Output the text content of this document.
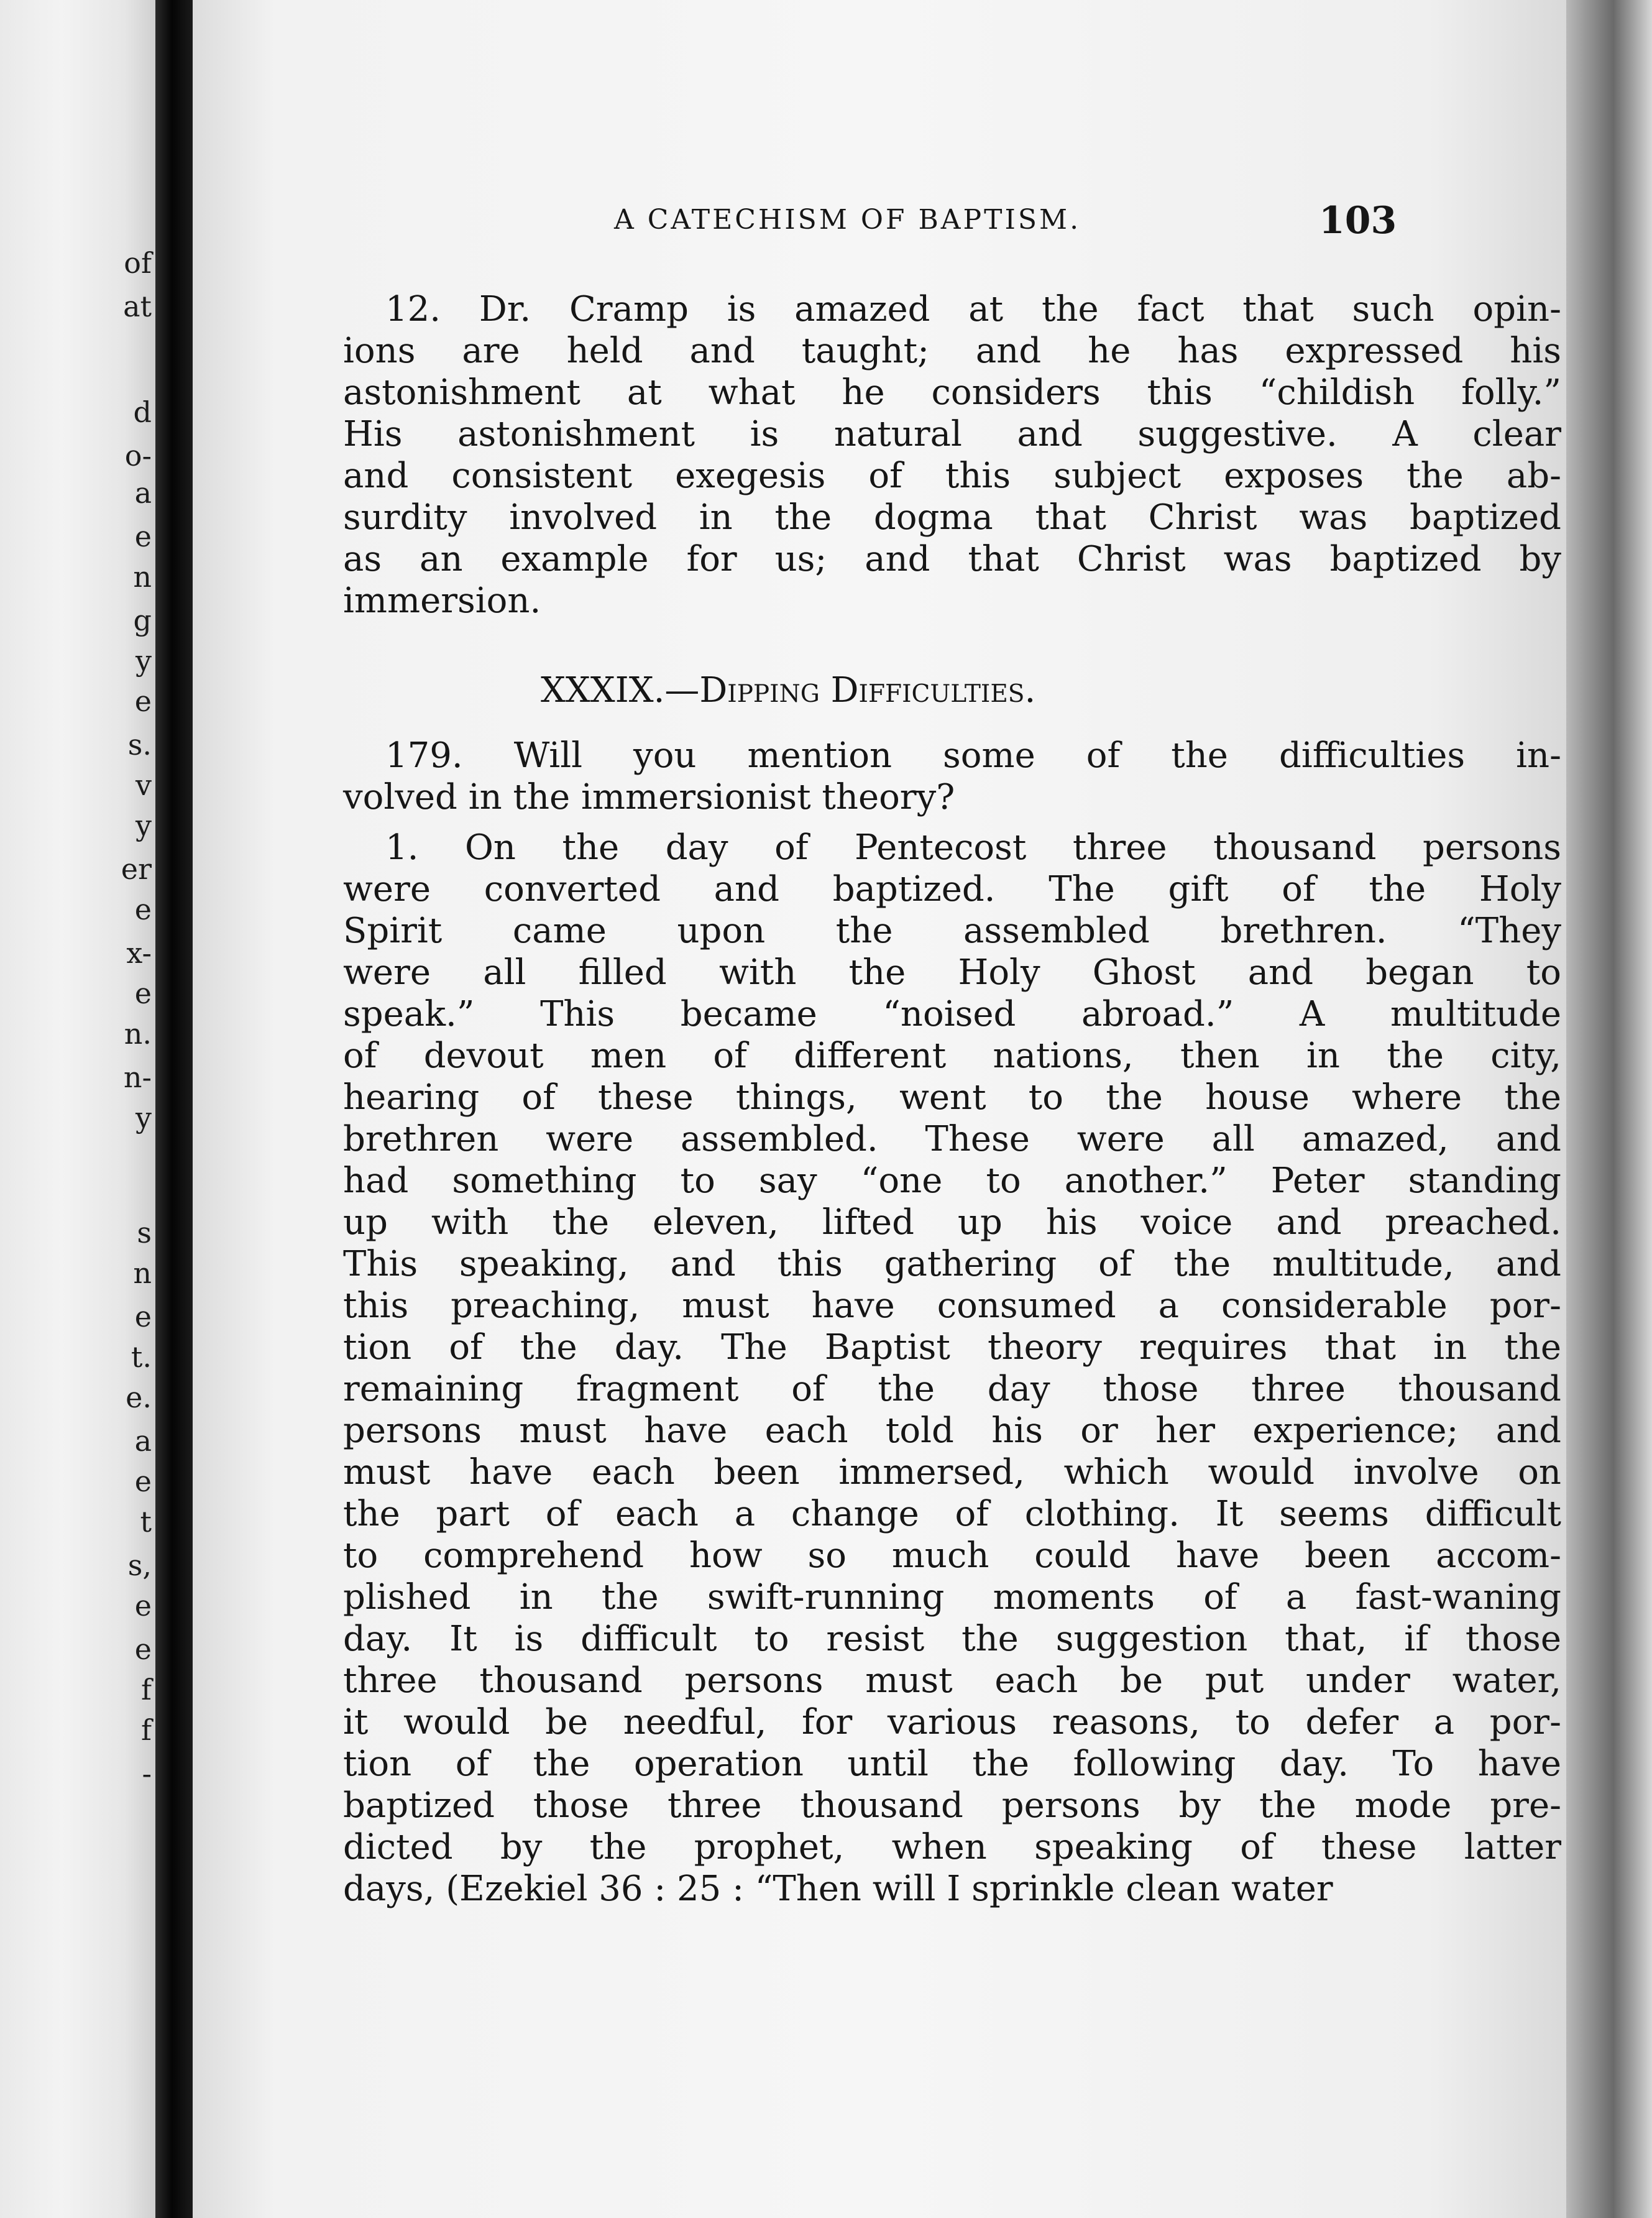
of
at
d
o-
a
e
n
g
y
e
s.
v
y
er
e
x-
e
n.
n-
y
s
n
e
t.
e.
a
e
t
s,
e
e
f
f
-
A CATECHISM OF BAPTISM.	103
12. Dr. Cramp is amazed at the fact that such opin-
ions are held and taught; and he has expressed his
astonishment at what he considers this “childish folly.”
His astonishment is natural and suggestive. A clear
and consistent exegesis of this subject exposes the ab-
surdity involved in the dogma that Christ was baptized
as an example for us; and that Christ was baptized by
immersion.
XXXIX.—Dipping Difficulties.
179. Will you mention some of the difficulties in-
volved in the immersionist theory?
1. On the day of Pentecost three thousand persons
were converted and baptized. The gift of the Holy
Spirit came upon the assembled brethren. “They
were all filled with the Holy Ghost and began to
speak.” This became “noised abroad.” A multitude
of devout men of different nations, then in the city,
hearing of these things, went to the house where the
brethren were assembled. These were all amazed, and
had something to say “one to another.” Peter standing
up with the eleven, lifted up his voice and preached.
This speaking, and this gathering of the multitude, and
this preaching, must have consumed a considerable por-
tion of the day. The Baptist theory requires that in the
remaining fragment of the day those three thousand
persons must have each told his or her experience; and
must have each been immersed, which would involve on
the part of each a change of clothing. It seems difficult
to comprehend how so much could have been accom-
plished in the swift-running moments of a fast-waning
day. It is difficult to resist the suggestion that, if those
three thousand persons must each be put under water,
it would be needful, for various reasons, to defer a por-
tion of the operation until the following day. To have
baptized those three thousand persons by the mode pre-
dicted by the prophet, when speaking of these latter
days, (Ezekiel 36 : 25 : “Then will I sprinkle clean water
